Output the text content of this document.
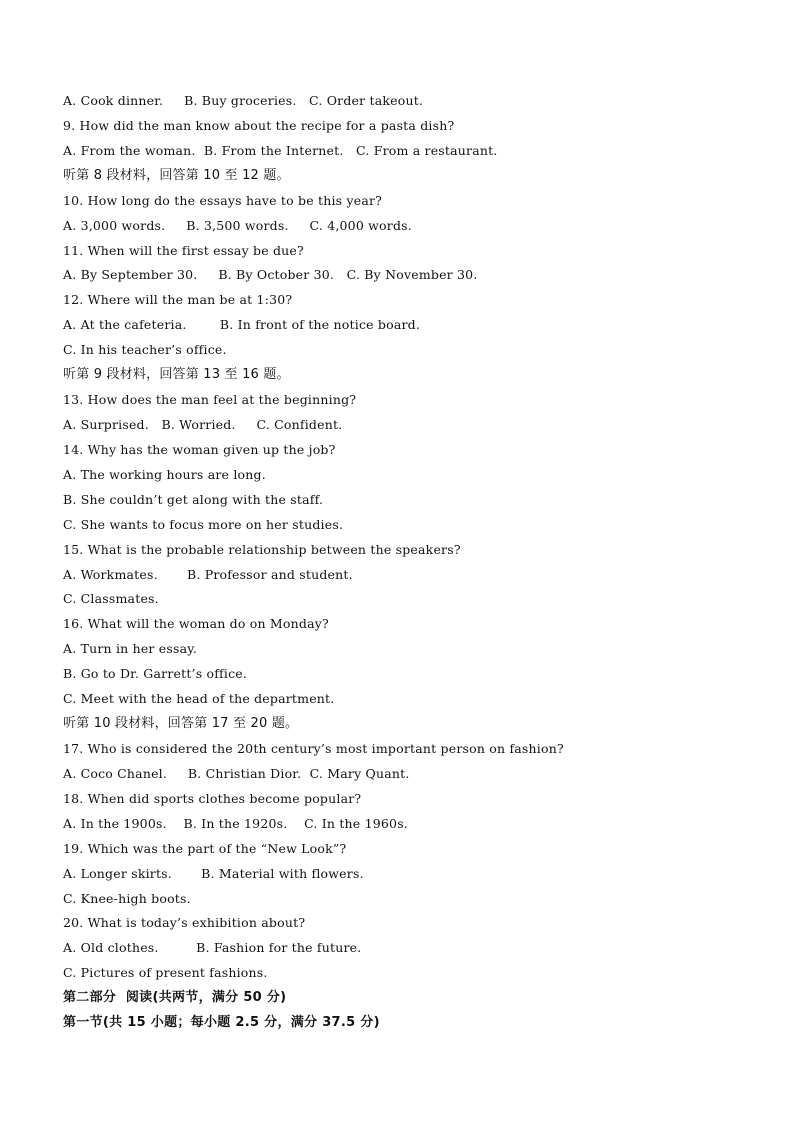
A. Cook dinner.     B. Buy groceries.   C. Order takeout.
9. How did the man know about the recipe for a pasta dish?
A. From the woman.  B. From the Internet.   C. From a restaurant.
听第 8 段材料，回答第 10 至 12 题。
10. How long do the essays have to be this year?
A. 3,000 words.     B. 3,500 words.     C. 4,000 words.
11. When will the first essay be due?
A. By September 30.     B. By October 30.   C. By November 30.
12. Where will the man be at 1:30?
A. At the cafeteria.        B. In front of the notice board.
C. In his teacher’s office.
听第 9 段材料，回答第 13 至 16 题。
13. How does the man feel at the beginning?
A. Surprised.   B. Worried.     C. Confident.
14. Why has the woman given up the job?
A. The working hours are long.
B. She couldn’t get along with the staff.
C. She wants to focus more on her studies.
15. What is the probable relationship between the speakers?
A. Workmates.       B. Professor and student.
C. Classmates.
16. What will the woman do on Monday?
A. Turn in her essay.
B. Go to Dr. Garrett’s office.
C. Meet with the head of the department.
听第 10 段材料，回答第 17 至 20 题。
17. Who is considered the 20th century’s most important person on fashion?
A. Coco Chanel.     B. Christian Dior.  C. Mary Quant.
18. When did sports clothes become popular?
A. In the 1900s.    B. In the 1920s.    C. In the 1960s.
19. Which was the part of the “New Look”?
A. Longer skirts.       B. Material with flowers.
C. Knee-high boots.
20. What is today’s exhibition about?
A. Old clothes.         B. Fashion for the future.
C. Pictures of present fashions.
第二部分  阅读(共两节，满分 50 分)
第一节(共 15 小题；每小题 2.5 分，满分 37.5 分)
